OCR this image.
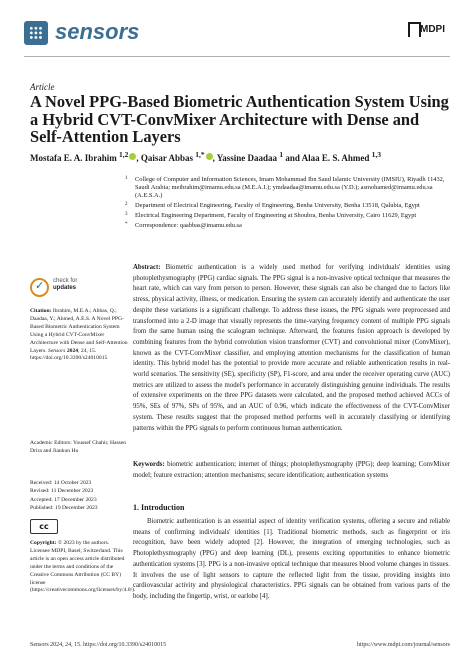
sensors	MDPI
Article
A Novel PPG-Based Biometric Authentication System Using a Hybrid CVT-ConvMixer Architecture with Dense and Self-Attention Layers
Mostafa E. A. Ibrahim $^{1,2}$ , Qaisar Abbas $^{1,*}$ , Yassine Daadaa $^1$ and Alaa E. S. Ahmed $^{1,3}$
1 College of Computer and Information Sciences, Imam Mohammad Ibn Saud Islamic University (IMSIU), Riyadh 11432, Saudi Arabia; meibrahim@imamu.edu.sa (M.E.A.I.); ymdaadaa@imamu.edu.sa (Y.D.); asmohamed@imamu.edu.sa (A.E.S.A.)
2 Department of Electrical Engineering, Faculty of Engineering, Benha University, Benha 13518, Qalubia, Egypt
3 Electrical Engineering Department, Faculty of Engineering at Shoubra, Benha University, Cairo 11629, Egypt
* Correspondence: qaabbas@imamu.edu.sa
Abstract: Biometric authentication is a widely used method for verifying individuals' identities using photoplethysmography (PPG) cardiac signals. The PPG signal is a non-invasive optical technique that measures the heart rate, which can vary from person to person. However, these signals can also be changed due to factors like stress, physical activity, illness, or medication. Ensuring the system can accurately identify and authenticate the user despite these variations is a significant challenge. To address these issues, the PPG signals were preprocessed and transformed into a 2-D image that visually represents the time-varying frequency content of multiple PPG signals from the same human using the scalogram technique. Afterward, the features fusion approach is developed by combining features from the hybrid convolution vision transformer (CVT) and convolutional mixer (ConvMixer), known as the CVT-ConvMixer classifier, and employing attention mechanisms for the classification of human identity. This hybrid model has the potential to provide more accurate and reliable authentication results in real-world scenarios. The sensitivity (SE), specificity (SP), F1-score, and area under the receiver operating curve (AUC) metrics are utilized to assess the model's performance in accurately distinguishing genuine individuals. The results of extensive experiments on the three PPG datasets were calculated, and the proposed method achieved ACCs of 95%, SEs of 97%, SPs of 95%, and an AUC of 0.96, which indicate the effectiveness of the CVT-ConvMixer system. These results suggest that the proposed method performs well in accurately classifying or identifying patterns within the PPG signals to perform continuous human authentication.
Keywords: biometric authentication; internet of things; photoplethysmography (PPG); deep learning; ConvMixer model; feature extraction; attention mechanisms; secure identification; authentication systems
✓
check for
updates
Citation: Ibrahim, M.E.A.; Abbas, Q.; Daadaa, Y.; Ahmed, A.E.S. A Novel PPG-Based Biometric Authentication System Using a Hybrid CVT-ConvMixer Architecture with Dense and Self-Attention Layers. Sensors 2024, 24, 15. https://doi.org/10.3390/s24010015
Academic Editors: Youssef Chahir, Hassen Drira and Jiankun Hu
Received: 14 October 2023
Revised: 11 December 2023
Accepted: 17 December 2023
Published: 19 December 2023
cc
Copyright: © 2023 by the authors. Licensee MDPI, Basel, Switzerland. This article is an open access article distributed under the terms and conditions of the Creative Commons Attribution (CC BY) license (https://creativecommons.org/licenses/by/4.0/).
1. Introduction
Biometric authentication is an essential aspect of identity verification systems, offering a secure and reliable means of confirming individuals' identities [1]. Traditional biometric methods, such as fingerprint or iris recognition, have been widely adopted [2]. However, the integration of emerging technologies, such as Photoplethysmography (PPG) and deep learning (DL), presents exciting opportunities to enhance biometric authentication systems [3]. PPG is a non-invasive optical technique that measures blood volume changes in tissues. It involves the use of light sensors to capture the reflected light from the tissue, providing insights into cardiovascular activity and physiological characteristics. PPG signals can be obtained from various parts of the body, including the fingertip, wrist, or earlobe [4].
Sensors 2024, 24, 15. https://doi.org/10.3390/s24010015	https://www.mdpi.com/journal/sensors
